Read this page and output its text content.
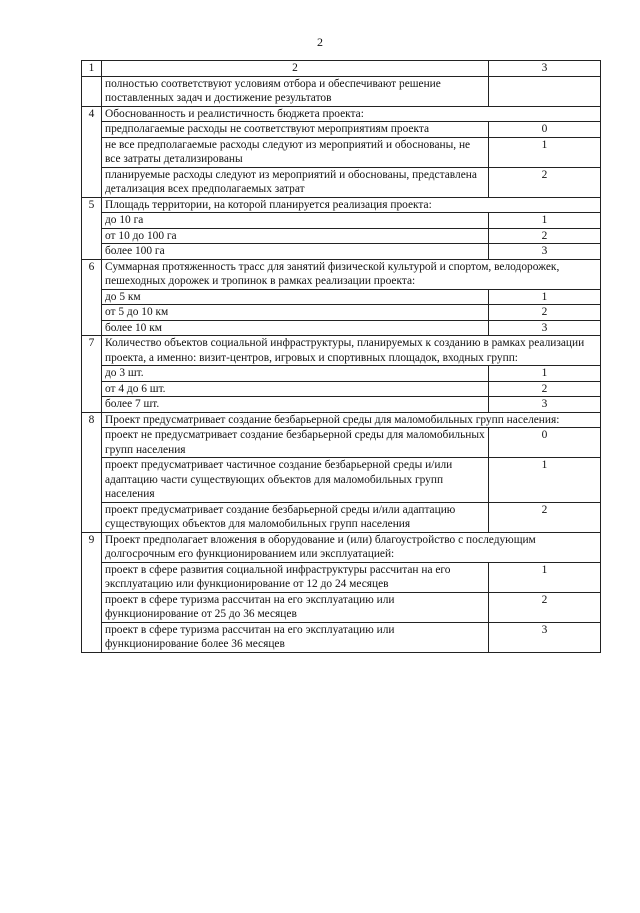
2
1	2	3
	полностью соответствуют условиям отбора и обеспечивают решение поставленных задач и достижение результатов	
4	Обоснованность и реалистичность бюджета проекта:	
	предполагаемые расходы не соответствуют мероприятиям проекта	0
	не все предполагаемые расходы следуют из мероприятий и обоснованы, не все затраты детализированы	1
	планируемые расходы следуют из мероприятий и обоснованы, представлена детализация всех предполагаемых затрат	2
5	Площадь территории, на которой планируется реализация проекта:	
	до 10 га	1
	от 10 до 100 га	2
	более 100 га	3
6	Суммарная протяженность трасс для занятий физической культурой и спортом, велодорожек, пешеходных дорожек и тропинок в рамках реализации проекта:	
	до 5 км	1
	от 5 до 10 км	2
	более 10 км	3
7	Количество объектов социальной инфраструктуры, планируемых к созданию в рамках реализации проекта, а именно: визит-центров, игровых и спортивных площадок, входных групп:	
	до 3 шт.	1
	от 4 до 6 шт.	2
	более 7 шт.	3
8	Проект предусматривает создание безбарьерной среды для маломобильных групп населения:	
	проект не предусматривает создание безбарьерной среды для маломобильных групп населения	0
	проект предусматривает частичное создание безбарьерной среды и/или адаптацию части существующих объектов для маломобильных групп населения	1
	проект предусматривает создание безбарьерной среды и/или адаптацию существующих объектов для маломобильных групп населения	2
9	Проект предполагает вложения в оборудование и (или) благоустройство с последующим долгосрочным его функционированием или эксплуатацией:	
	проект в сфере развития социальной инфраструктуры рассчитан на его эксплуатацию или функционирование от 12 до 24 месяцев	1
	проект в сфере туризма рассчитан на его эксплуатацию или функционирование от 25 до 36 месяцев	2
	проект в сфере туризма рассчитан на его эксплуатацию или функционирование более 36 месяцев	3
